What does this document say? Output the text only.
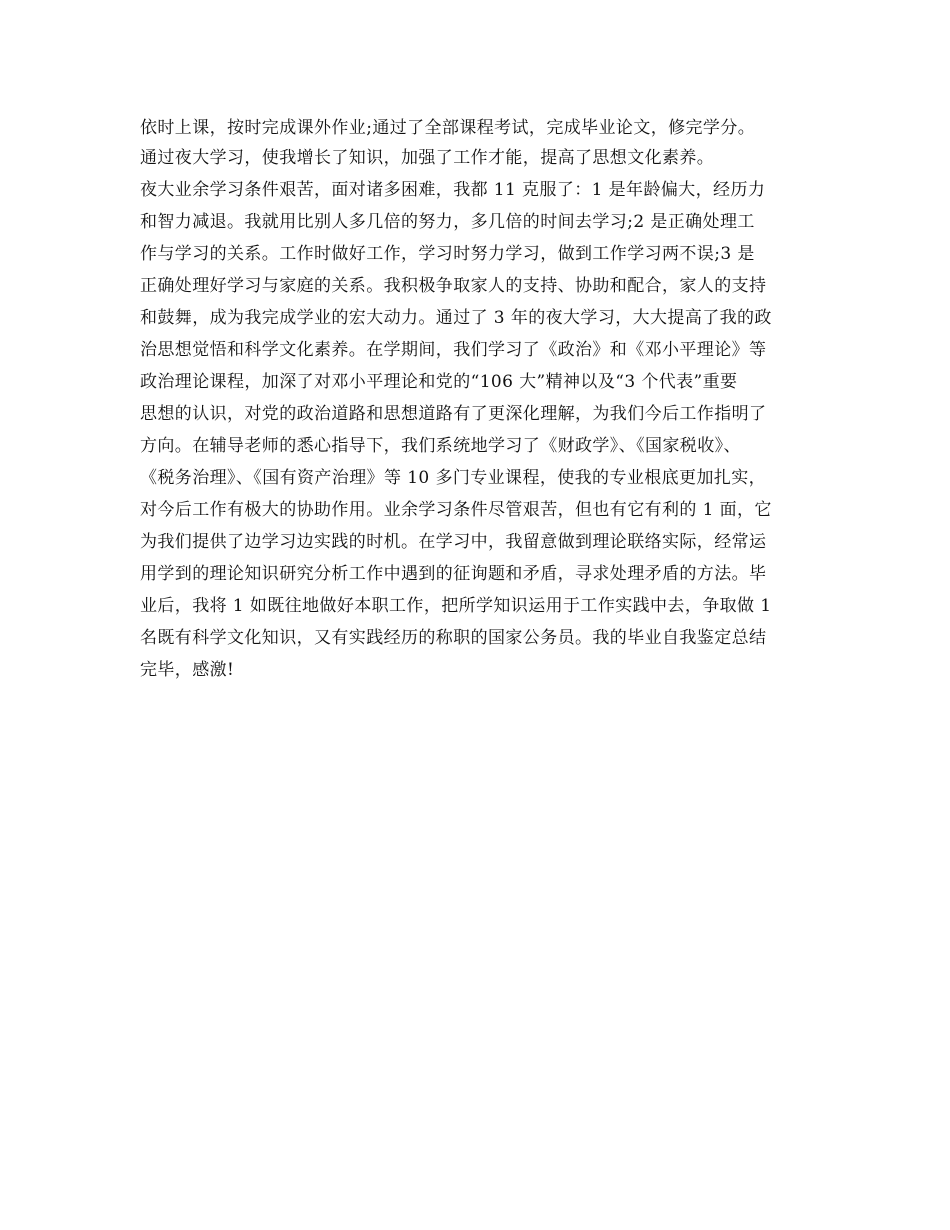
依时上课，按时完成课外作业;通过了全部课程考试，完成毕业论文，修完学分。
通过夜大学习，使我增长了知识，加强了工作才能，提高了思想文化素养。
夜大业余学习条件艰苦，面对诸多困难，我都 11 克服了：1 是年龄偏大，经历力
和智力减退。我就用比别人多几倍的努力，多几倍的时间去学习;2 是正确处理工
作与学习的关系。工作时做好工作，学习时努力学习，做到工作学习两不误;3 是
正确处理好学习与家庭的关系。我积极争取家人的支持、协助和配合，家人的支持
和鼓舞，成为我完成学业的宏大动力。通过了 3 年的夜大学习，大大提高了我的政
治思想觉悟和科学文化素养。在学期间，我们学习了《政治》和《邓小平理论》等
政治理论课程，加深了对邓小平理论和党的“106 大”精神以及“3 个代表”重要
思想的认识，对党的政治道路和思想道路有了更深化理解，为我们今后工作指明了
方向。在辅导老师的悉心指导下，我们系统地学习了《财政学》、《国家税收》、
《税务治理》、《国有资产治理》等 10 多门专业课程，使我的专业根底更加扎实，
对今后工作有极大的协助作用。业余学习条件尽管艰苦，但也有它有利的 1 面，它
为我们提供了边学习边实践的时机。在学习中，我留意做到理论联络实际，经常运
用学到的理论知识研究分析工作中遇到的征询题和矛盾，寻求处理矛盾的方法。毕
业后，我将 1 如既往地做好本职工作，把所学知识运用于工作实践中去，争取做 1
名既有科学文化知识，又有实践经历的称职的国家公务员。我的毕业自我鉴定总结
完毕，感激!
